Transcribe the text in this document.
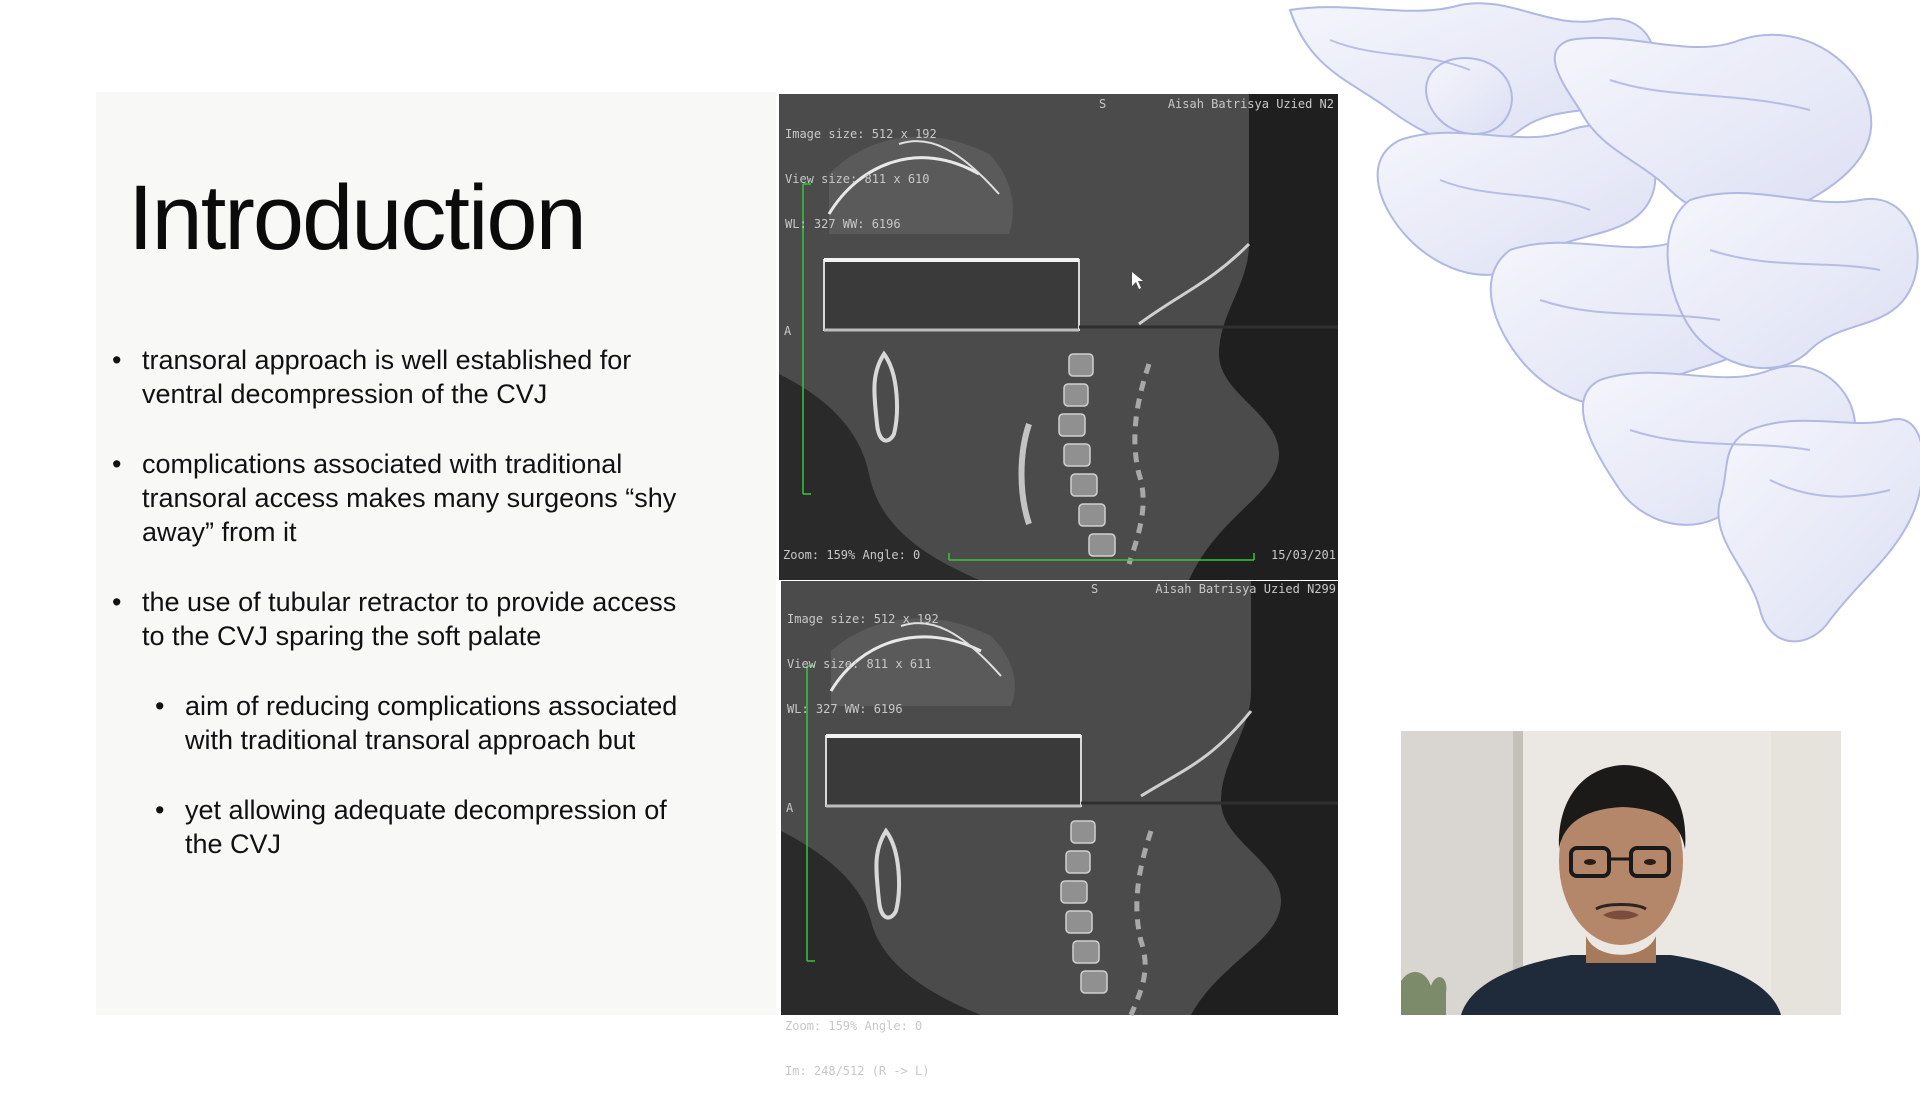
Introduction
• transoral approach is well established for ventral decompression of the CVJ
• complications associated with traditional transoral access makes many surgeons “shy away” from it
• the use of tubular retractor to provide access to the CVJ sparing the soft palate
• aim of reducing complications associated with traditional transoral approach but
• yet allowing adequate decompression of the CVJ

Image size: 512 x 192

View size: 811 x 610

WL: 327 WW: 6196

S	Aisah Batrisya Uzied N2
A

Zoom: 159% Angle: 0

	15/03/201

Image size: 512 x 192

View size: 811 x 611

WL: 327 WW: 6196

S	Aisah Batrisya Uzied N299
A

Zoom: 159% Angle: 0

Im: 248/512 (R -> L)
